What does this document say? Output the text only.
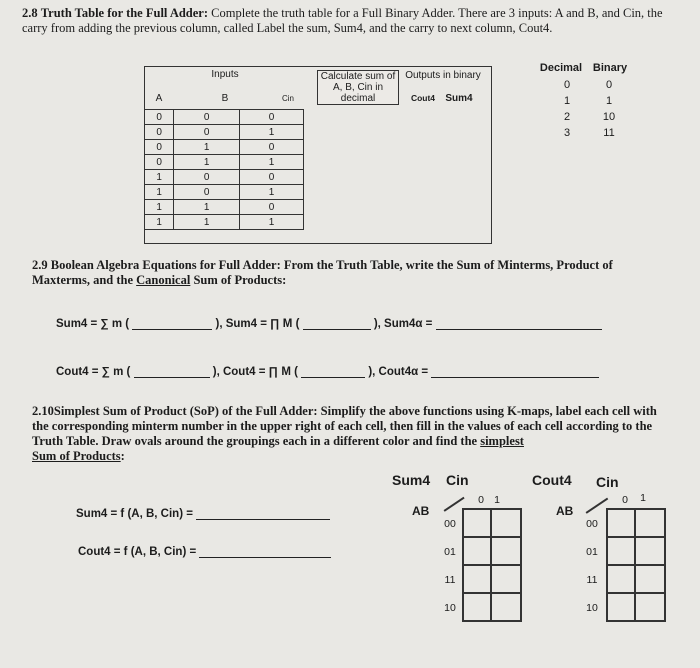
2.8 Truth Table for the Full Adder: Complete the truth table for a Full Binary Adder. There are 3 inputs: A and B, and Cin, the carry from adding the previous column, called Label the sum, Sum4, and the carry to next column, Cout4.
Inputs	Calculate sum of A, B, Cin in decimal
Outputs in binary
A	B	Cin	Cout4	Sum4
0	0	0
0	0	1
0	1	0
0	1	1
1	0	0
1	0	1
1	1	0
1	1	1
Decimal Binary
0	0
1	1
2	10
3	11
2.9 Boolean Algebra Equations for Full Adder: From the Truth Table, write the Sum of Minterms, Product of Maxterms, and the Canonical Sum of Products:
Sum4 = ∑ m (	), Sum4 = ∏ M (	), Sum4α =
Cout4 = ∑ m (	), Cout4 = ∏ M (	), Cout4α =
2.10Simplest Sum of Product (SoP) of the Full Adder: Simplify the above functions using K-maps, label each cell with the corresponding minterm number in the upper right of each cell, then fill in the values of each cell according to the Truth Table. Draw ovals around the groupings each in a different color and find the simplest
Sum of Products:
Sum4 = f (A, B, Cin) =
Cout4 = f (A, B, Cin) =
Sum4 Cin
AB
0 1
00
01
11
10
Cout4 Cin
AB
0	1
00
01
11
10
